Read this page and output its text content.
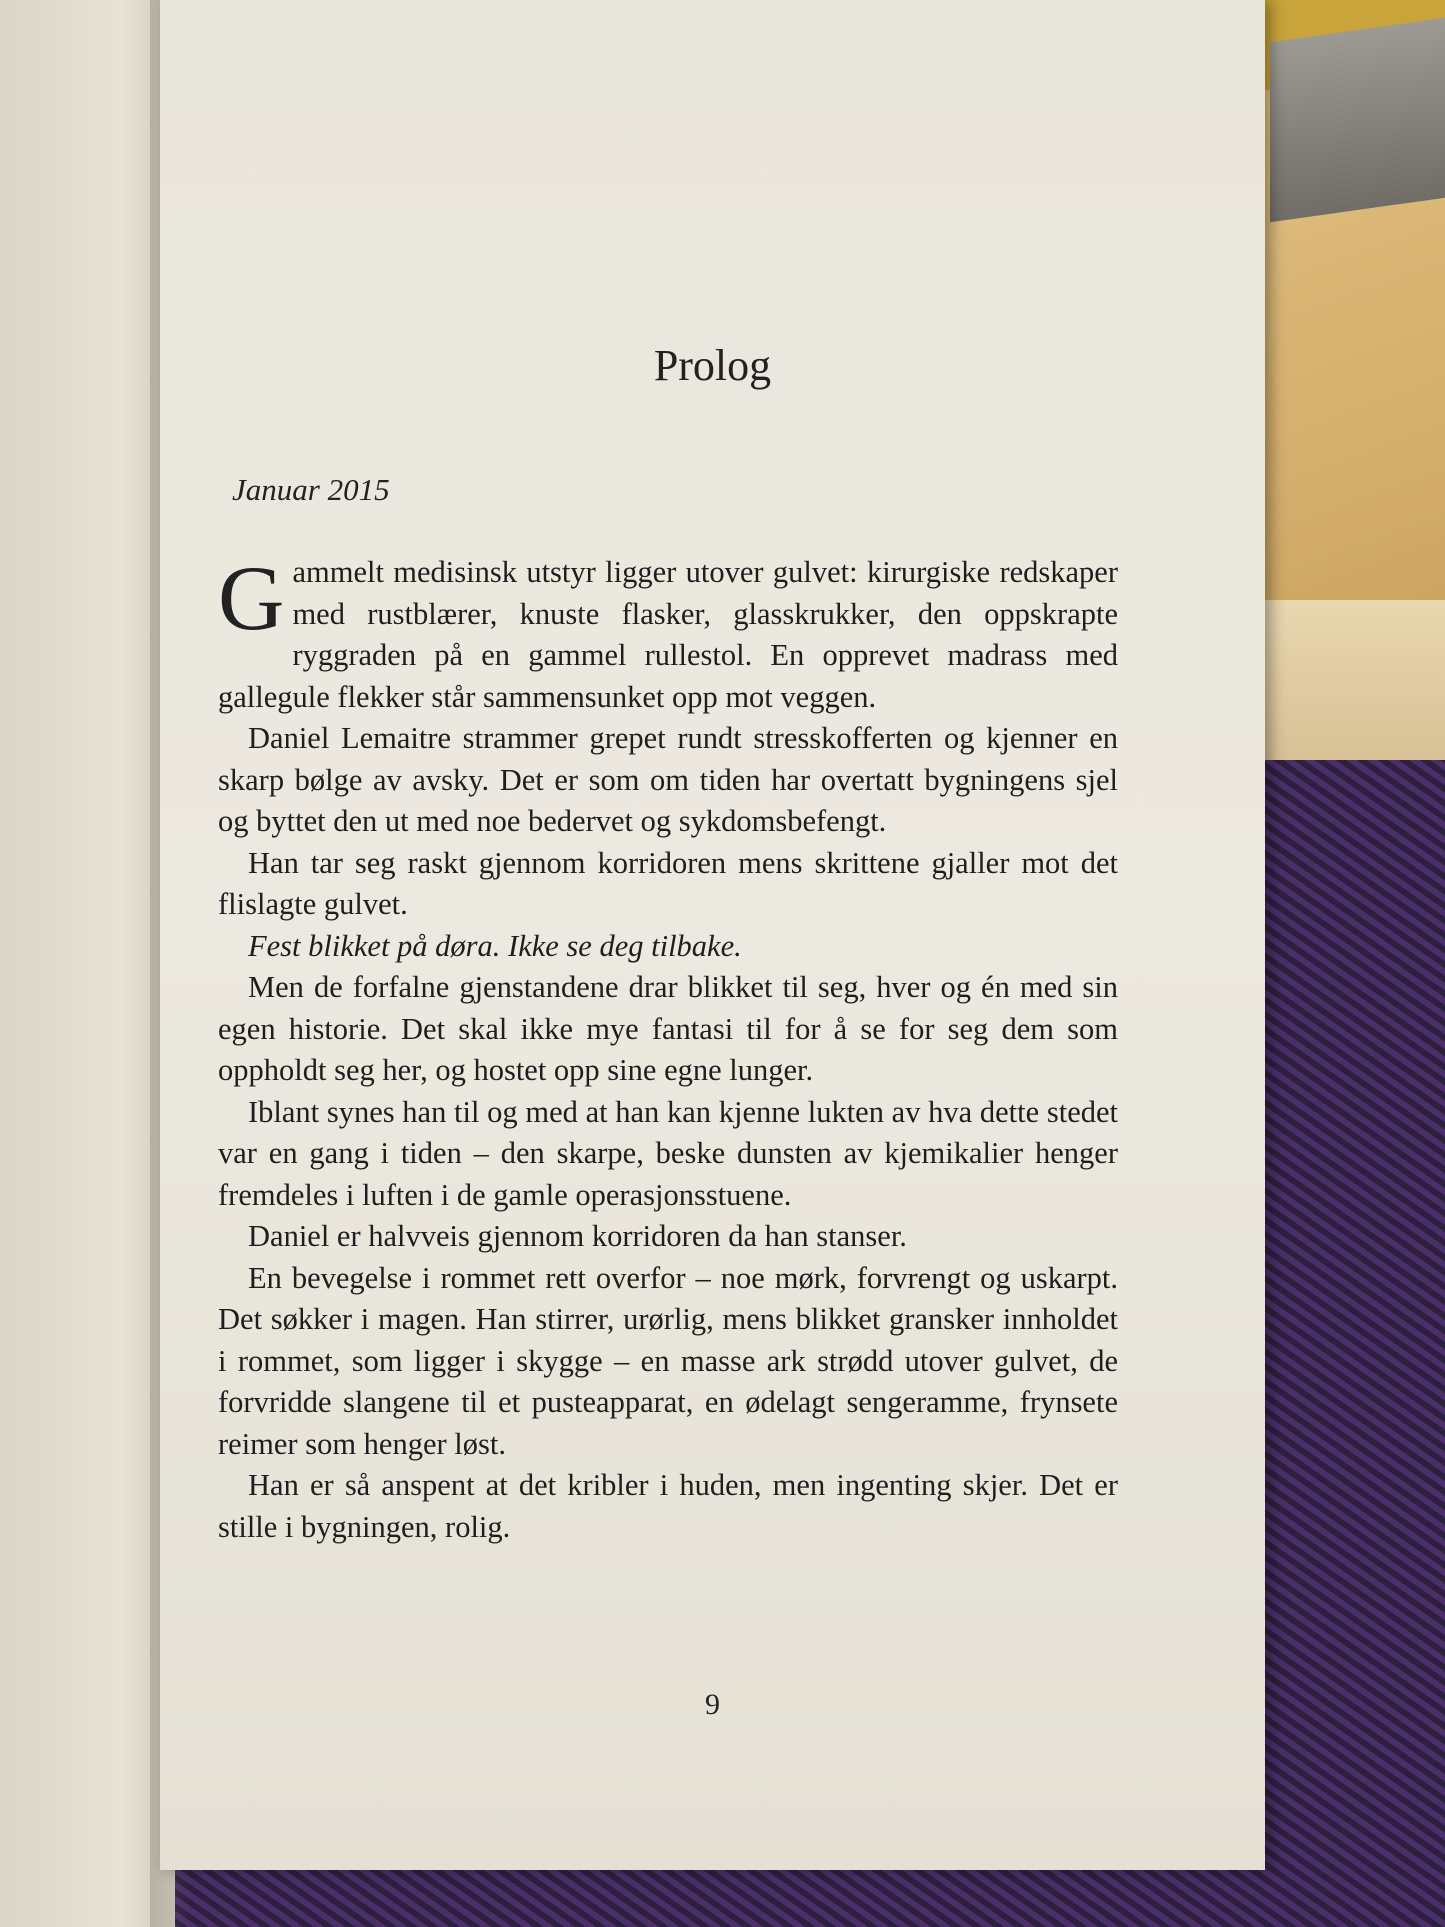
Prolog
Januar 2015

Gammelt medisinsk utstyr ligger utover gulvet: kirurgiske redskaper med rustblærer, knuste flasker, glasskrukker, den oppskrapte ryggraden på en gammel rullestol. En opprevet madrass med gallegule flekker står sammensunket opp mot veggen.

Daniel Lemaitre strammer grepet rundt stresskofferten og kjenner en skarp bølge av avsky. Det er som om tiden har overtatt bygningens sjel og byttet den ut med noe bedervet og sykdomsbefengt.

Han tar seg raskt gjennom korridoren mens skrittene gjaller mot det flislagte gulvet.

Fest blikket på døra. Ikke se deg tilbake.

Men de forfalne gjenstandene drar blikket til seg, hver og én med sin egen historie. Det skal ikke mye fantasi til for å se for seg dem som oppholdt seg her, og hostet opp sine egne lunger.

Iblant synes han til og med at han kan kjenne lukten av hva dette stedet var en gang i tiden – den skarpe, beske dunsten av kjemikalier henger fremdeles i luften i de gamle operasjonsstuene.

Daniel er halvveis gjennom korridoren da han stanser.

En bevegelse i rommet rett overfor – noe mørk, forvrengt og uskarpt. Det søkker i magen. Han stirrer, urørlig, mens blikket gransker innholdet i rommet, som ligger i skygge – en masse ark strødd utover gulvet, de forvridde slangene til et pusteapparat, en ødelagt sengeramme, frynsete reimer som henger løst.

Han er så anspent at det kribler i huden, men ingenting skjer. Det er stille i bygningen, rolig.

9
